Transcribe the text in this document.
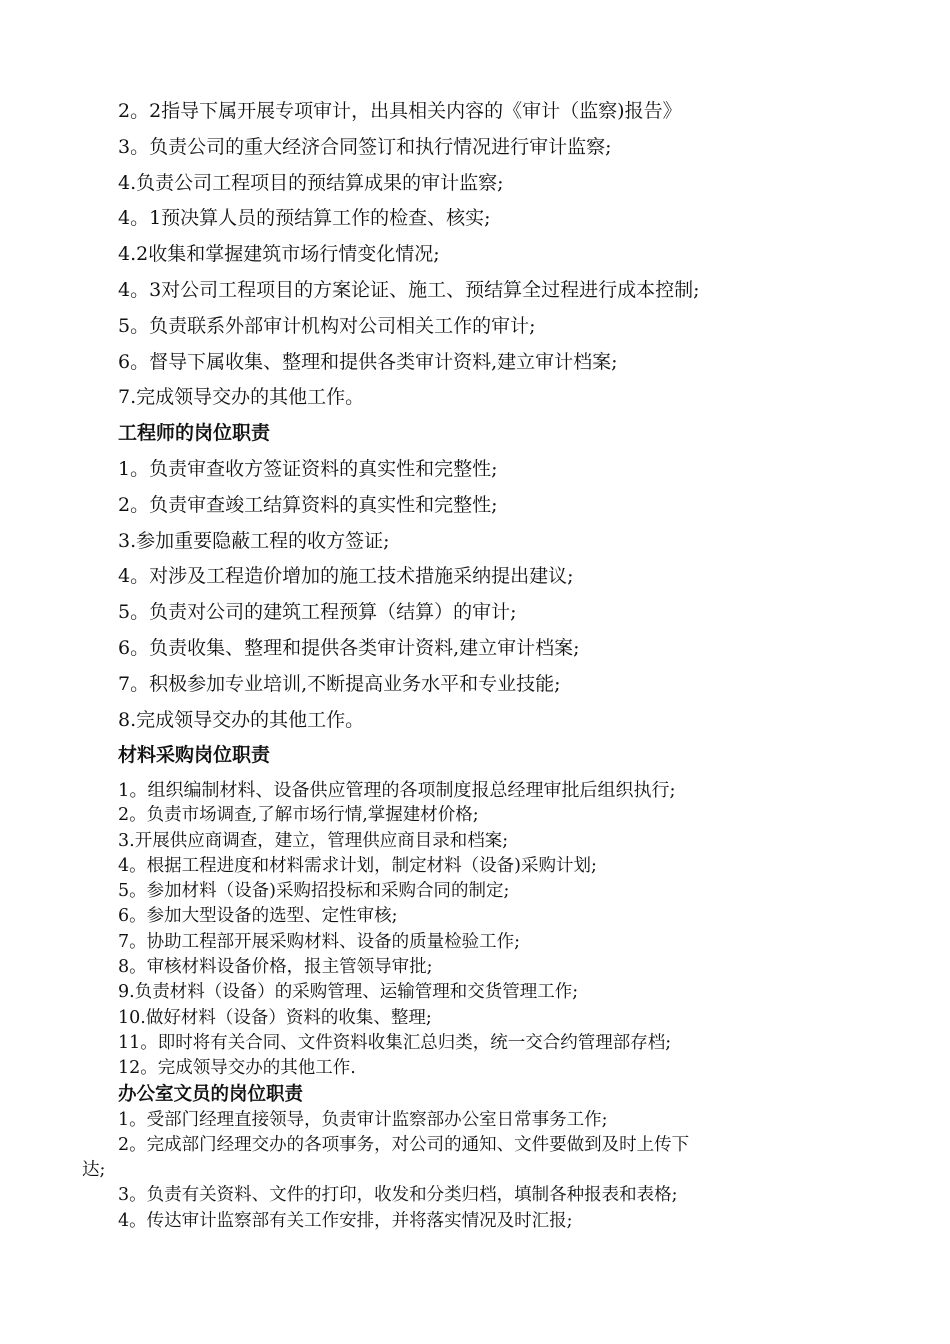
2。2指导下属开展专项审计，出具相关内容的《审计（监察)报告》
3。负责公司的重大经济合同签订和执行情况进行审计监察;
4.负责公司工程项目的预结算成果的审计监察;
4。1预决算人员的预结算工作的检查、核实;
4.2收集和掌握建筑市场行情变化情况;
4。3对公司工程项目的方案论证、施工、预结算全过程进行成本控制;
5。负责联系外部审计机构对公司相关工作的审计;
6。督导下属收集、整理和提供各类审计资料,建立审计档案;
7.完成领导交办的其他工作。
工程师的岗位职责
1。负责审查收方签证资料的真实性和完整性;
2。负责审查竣工结算资料的真实性和完整性;
3.参加重要隐蔽工程的收方签证;
4。对涉及工程造价增加的施工技术措施采纳提出建议;
5。负责对公司的建筑工程预算（结算）的审计;
6。负责收集、整理和提供各类审计资料,建立审计档案;
7。积极参加专业培训,不断提高业务水平和专业技能;
8.完成领导交办的其他工作。
材料采购岗位职责
1。组织编制材料、设备供应管理的各项制度报总经理审批后组织执行;
2。负责市场调查,了解市场行情,掌握建材价格;
3.开展供应商调查，建立，管理供应商目录和档案;
4。根据工程进度和材料需求计划，制定材料（设备)采购计划;
5。参加材料（设备)采购招投标和采购合同的制定;
6。参加大型设备的选型、定性审核;
7。协助工程部开展采购材料、设备的质量检验工作;
8。审核材料设备价格，报主管领导审批;
9.负责材料（设备）的采购管理、运输管理和交货管理工作;
10.做好材料（设备）资料的收集、整理;
11。即时将有关合同、文件资料收集汇总归类，统一交合约管理部存档;
12。完成领导交办的其他工作.
办公室文员的岗位职责
1。受部门经理直接领导，负责审计监察部办公室日常事务工作;
2。完成部门经理交办的各项事务，对公司的通知、文件要做到及时上传下
达;
3。负责有关资料、文件的打印，收发和分类归档，填制各种报表和表格;
4。传达审计监察部有关工作安排，并将落实情况及时汇报;
